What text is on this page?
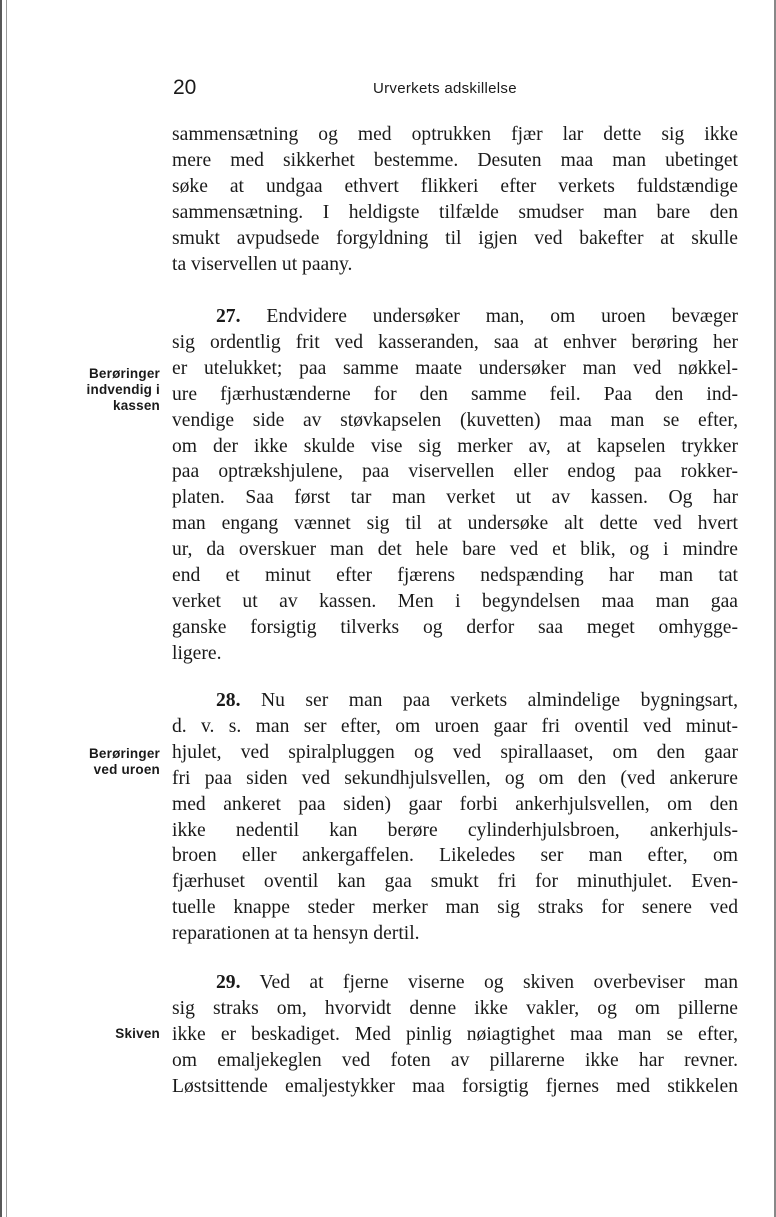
20	Urverkets adskillelse
sammensætning og med optrukken fjær lar dette sig ikke
mere med sikkerhet bestemme. Desuten maa man ubetinget
søke at undgaa ethvert flikkeri efter verkets fuldstændige
sammensætning. I heldigste tilfælde smudser man bare den
smukt avpudsede forgyldning til igjen ved bakefter at skulle
ta viservellen ut paany.
Berøringer
indvendig i
kassen
27. Endvidere undersøker man, om uroen bevæger
sig ordentlig frit ved kasseranden, saa at enhver berøring her
er utelukket; paa samme maate undersøker man ved nøkkel-
ure fjærhustænderne for den samme feil. Paa den ind-
vendige side av støvkapselen (kuvetten) maa man se efter,
om der ikke skulde vise sig merker av, at kapselen trykker
paa optrækshjulene, paa viservellen eller endog paa rokker-
platen. Saa først tar man verket ut av kassen. Og har
man engang vænnet sig til at undersøke alt dette ved hvert
ur, da overskuer man det hele bare ved et blik, og i mindre
end et minut efter fjærens nedspænding har man tat
verket ut av kassen. Men i begyndelsen maa man gaa
ganske forsigtig tilverks og derfor saa meget omhygge-
ligere.
Berøringer
ved uroen
28. Nu ser man paa verkets almindelige bygningsart,
d. v. s. man ser efter, om uroen gaar fri oventil ved minut-
hjulet, ved spiralpluggen og ved spirallaaset, om den gaar
fri paa siden ved sekundhjulsvellen, og om den (ved ankerure
med ankeret paa siden) gaar forbi ankerhjulsvellen, om den
ikke nedentil kan berøre cylinderhjulsbroen, ankerhjuls-
broen eller ankergaffelen. Likeledes ser man efter, om
fjærhuset oventil kan gaa smukt fri for minuthjulet. Even-
tuelle knappe steder merker man sig straks for senere ved
reparationen at ta hensyn dertil.
Skiven
29. Ved at fjerne viserne og skiven overbeviser man
sig straks om, hvorvidt denne ikke vakler, og om pillerne
ikke er beskadiget. Med pinlig nøiagtighet maa man se efter,
om emaljekeglen ved foten av pillarerne ikke har revner.
Løstsittende emaljestykker maa forsigtig fjernes med stikkelen
